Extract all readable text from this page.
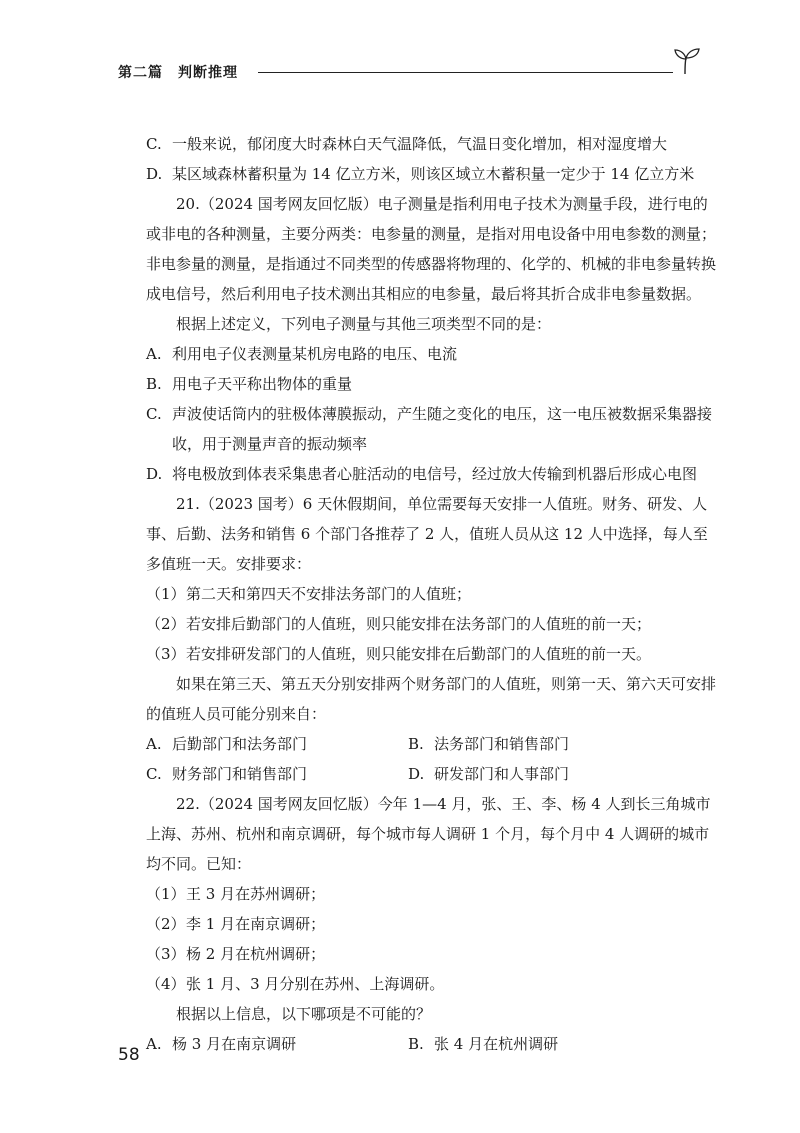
第二篇　判断推理
C. 一般来说，郁闭度大时森林白天气温降低，气温日变化增加，相对湿度增大
D. 某区域森林蓄积量为 14 亿立方米，则该区域立木蓄积量一定少于 14 亿立方米

20.（2024 国考网友回忆版）电子测量是指利用电子技术为测量手段，进行电的或非电的各种测量，主要分两类：电参量的测量，是指对用电设备中用电参数的测量；非电参量的测量，是指通过不同类型的传感器将物理的、化学的、机械的非电参量转换成电信号，然后利用电子技术测出其相应的电参量，最后将其折合成非电参量数据。

根据上述定义，下列电子测量与其他三项类型不同的是：

A. 利用电子仪表测量某机房电路的电压、电流
B. 用电子天平称出物体的重量
C. 声波使话筒内的驻极体薄膜振动，产生随之变化的电压，这一电压被数据采集器接收，用于测量声音的振动频率
D. 将电极放到体表采集患者心脏活动的电信号，经过放大传输到机器后形成心电图

21.（2023 国考）6 天休假期间，单位需要每天安排一人值班。财务、研发、人事、后勤、法务和销售 6 个部门各推荐了 2 人，值班人员从这 12 人中选择，每人至多值班一天。安排要求：

（1） 第二天和第四天不安排法务部门的人值班；
（2） 若安排后勤部门的人值班，则只能安排在法务部门的人值班的前一天；
（3） 若安排研发部门的人值班，则只能安排在后勤部门的人值班的前一天。

如果在第三天、第五天分别安排两个财务部门的人值班，则第一天、第六天可安排的值班人员可能分别来自：

A. 后勤部门和法务部门	B. 法务部门和销售部门
C. 财务部门和销售部门	D. 研发部门和人事部门

22.（2024 国考网友回忆版）今年 1—4 月，张、王、李、杨 4 人到长三角城市上海、苏州、杭州和南京调研，每个城市每人调研 1 个月，每个月中 4 人调研的城市均不同。已知：

（1） 王 3 月在苏州调研；
（2） 李 1 月在南京调研；
（3） 杨 2 月在杭州调研；
（4） 张 1 月、3 月分别在苏州、上海调研。

根据以上信息，以下哪项是不可能的？

A. 杨 3 月在南京调研	B. 张 4 月在杭州调研
58
